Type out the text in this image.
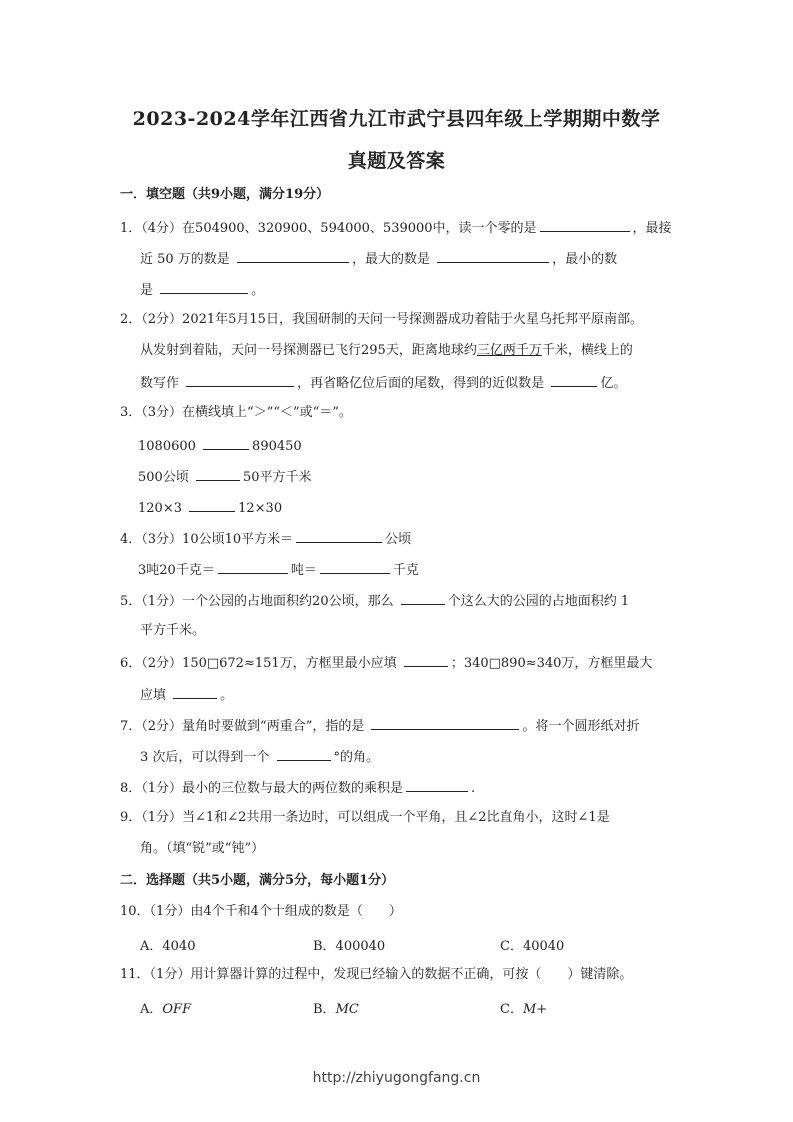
2023-2024学年江西省九江市武宁县四年级上学期期中数学
真题及答案
一．填空题（共9小题，满分19分）
1．（4分）在504900、320900、594000、539000中，读一个零的是	，最接
近 50 万的数是	，最大的数是	，最小的数
是	。
2．（2分）2021年5月15日，我国研制的天问一号探测器成功着陆于火星乌托邦平原南部。
从发射到着陆，天问一号探测器已飞行295天，距离地球约三亿两千万千米，横线上的
数写作	，再省略亿位后面的尾数，得到的近似数是	亿。
3．（3分）在横线填上“＞”“＜”或“＝”。
1080600	890450
500公顷	50平方千米
120×3	12×30
4．（3分）10公顷10平方米＝	公顷
3吨20千克＝	吨＝	千克
5．（1分）一个公园的占地面积约20公顷，那么	个这么大的公园的占地面积约 1
平方千米。
6．（2分）150□672≈151万，方框里最小应填	；340□890≈340万，方框里最大
应填	。
7．（2分）量角时要做到“两重合”，指的是	。将一个圆形纸对折
3 次后，可以得到一个	°的角。
8．（1分）最小的三位数与最大的两位数的乘积是	.
9．（1分）当∠1和∠2共用一条边时，可以组成一个平角，且∠2比直角小，这时∠1是
角。（填“锐”或“钝”）
二．选择题（共5小题，满分5分，每小题1分）
10．（1分）由4个千和4个十组成的数是（　　）
A．4040	B．400040	C．40040
11．（1分）用计算器计算的过程中，发现已经输入的数据不正确，可按（　　）键清除。
A．OFF	B．MC	C．M+
http://zhiyugongfang.cn
